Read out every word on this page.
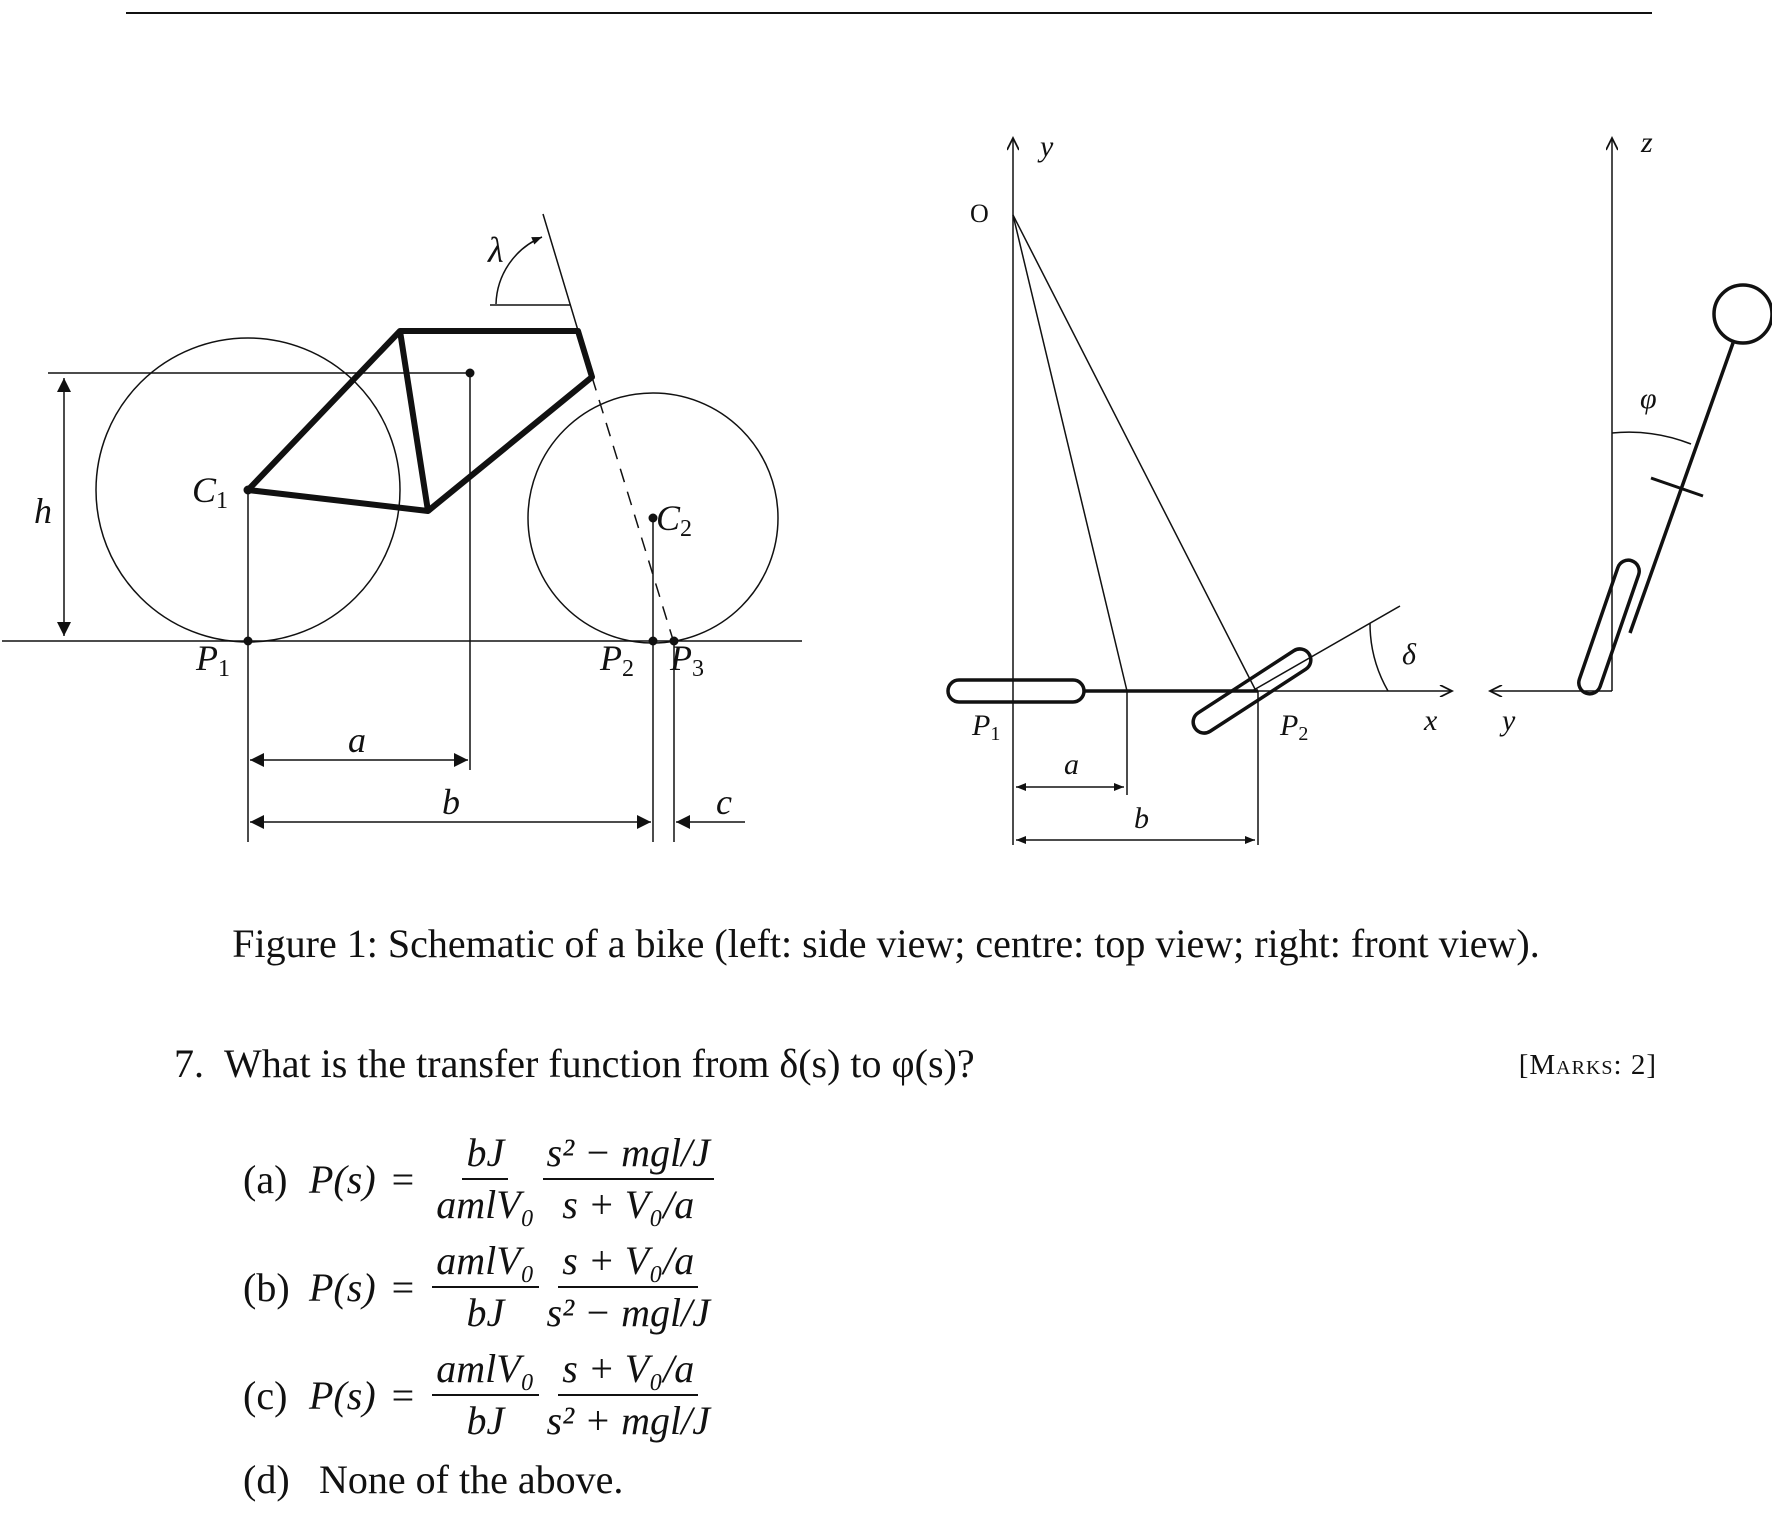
h
C1	C2
P1	P2 P3
a
b	c
λ
y
O
P1	P2	x
a
b
δ
z
y
φ
Figure 1: Schematic of a bike (left: side view; centre: top view; right: front view).
7. What is the transfer function from δ(s) to φ(s)?	[Marks: 2]
(a) $P(s) = \frac{bJ}{\text{amlV₀}} \frac{\text{s² − mgl/J}}{\text{s + V₀/a}}$
(b) $P(s) = \frac{\text{amlV₀}}{bJ} \frac{\text{s + V₀/a}}{\text{s² − mgl/J}}$
(c) $P(s) = \frac{\text{amlV₀}}{bJ} \frac{\text{s + V₀/a}}{\text{s² + mgl/J}}$
(d) None of the above.
